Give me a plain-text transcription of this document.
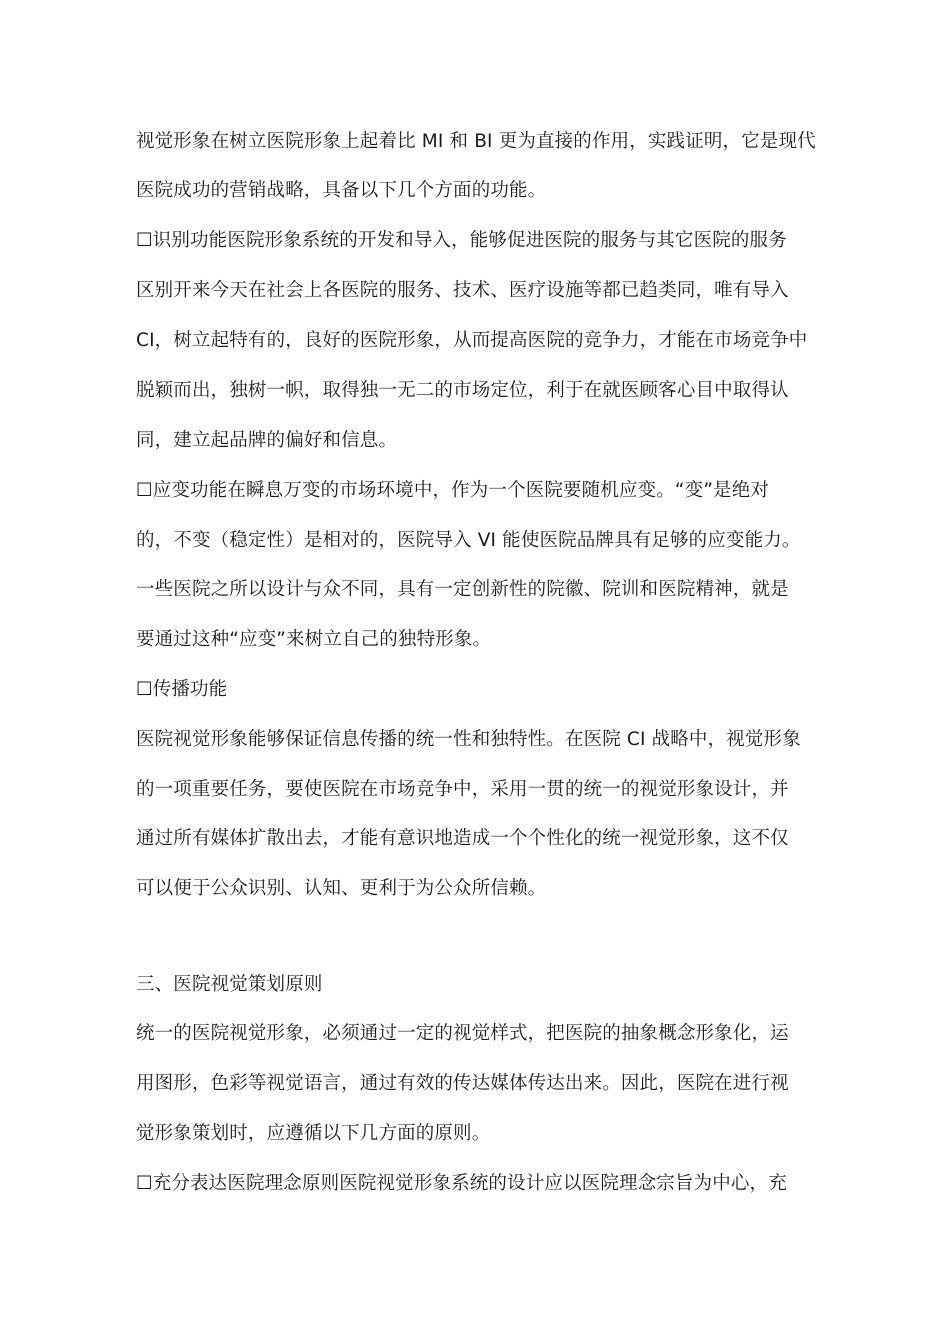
视觉形象在树立医院形象上起着比 MI 和 BI 更为直接的作用，实践证明，它是现代
医院成功的营销战略，具备以下几个方面的功能。
☐识别功能医院形象系统的开发和导入，能够促进医院的服务与其它医院的服务
区别开来今天在社会上各医院的服务、技术、医疗设施等都已趋类同，唯有导入
CI，树立起特有的，良好的医院形象，从而提高医院的竞争力，才能在市场竞争中
脱颖而出，独树一帜，取得独一无二的市场定位，利于在就医顾客心目中取得认
同，建立起品牌的偏好和信息。
☐应变功能在瞬息万变的市场环境中，作为一个医院要随机应变。“变”是绝对
的，不变（稳定性）是相对的，医院导入 VI 能使医院品牌具有足够的应变能力。
一些医院之所以设计与众不同，具有一定创新性的院徽、院训和医院精神，就是
要通过这种“应变”来树立自己的独特形象。
☐传播功能
医院视觉形象能够保证信息传播的统一性和独特性。在医院 CI 战略中，视觉形象
的一项重要任务，要使医院在市场竞争中，采用一贯的统一的视觉形象设计，并
通过所有媒体扩散出去，才能有意识地造成一个个性化的统一视觉形象，这不仅
可以便于公众识别、认知、更利于为公众所信赖。
三、医院视觉策划原则
统一的医院视觉形象，必须通过一定的视觉样式，把医院的抽象概念形象化，运
用图形，色彩等视觉语言，通过有效的传达媒体传达出来。因此，医院在进行视
觉形象策划时，应遵循以下几方面的原则。
☐充分表达医院理念原则医院视觉形象系统的设计应以医院理念宗旨为中心，充
